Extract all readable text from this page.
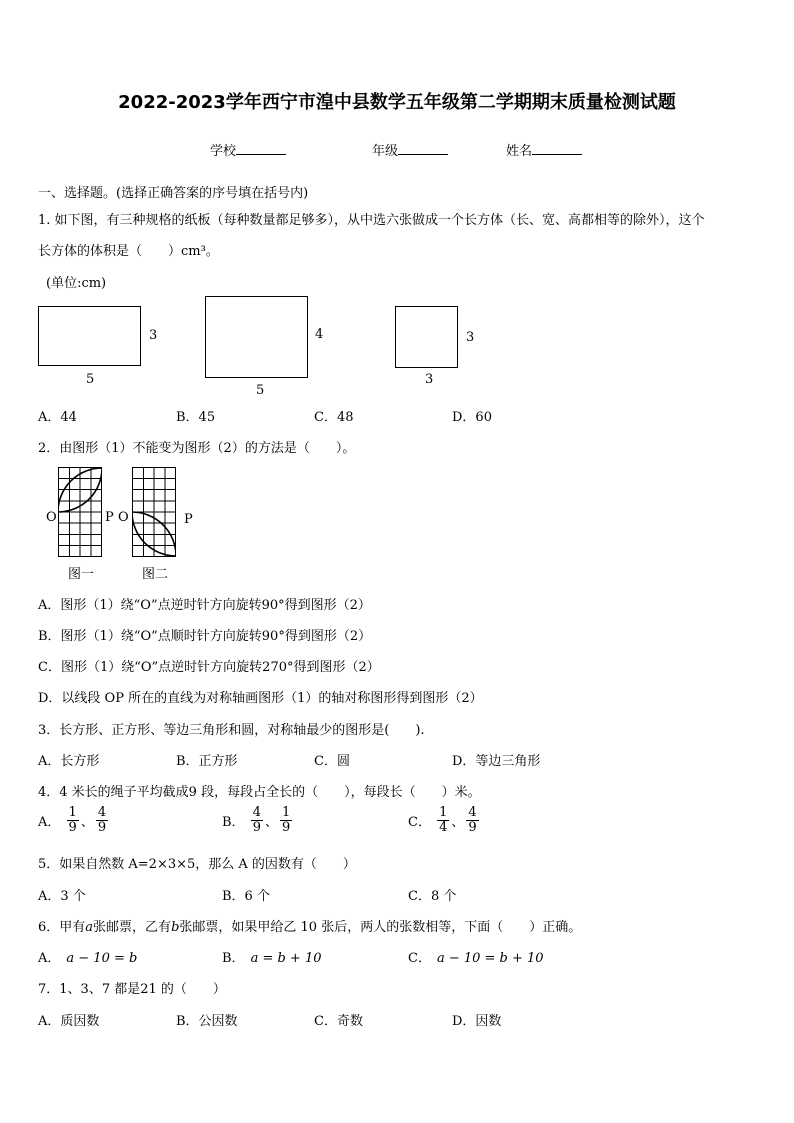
2022-2023学年西宁市湟中县数学五年级第二学期期末质量检测试题
学校	年级	姓名
一、选择题。(选择正确答案的序号填在括号内)
1. 如下图，有三种规格的纸板（每种数量都足够多），从中选六张做成一个长方体（长、宽、高都相等的除外），这个
长方体的体积是（　　）cm³。
(单位:cm)
3
5
4
5
3
3
A．44	B．45	C．48	D．60
2．由图形（1）不能变为图形（2）的方法是（　　）。
O	P O	P
图一	图二
A．图形（1）绕“O”点逆时针方向旋转90°得到图形（2）
B．图形（1）绕“O”点顺时针方向旋转90°得到图形（2）
C．图形（1）绕“O”点逆时针方向旋转270°得到图形（2）
D．以线段 OP 所在的直线为对称轴画图形（1）的轴对称图形得到图形（2）
3．长方形、正方形、等边三角形和圆，对称轴最少的图形是(　　).
A．长方形	B．正方形	C．圆	D．等边三角形
4．4 米长的绳子平均截成9 段，每段占全长的（　　），每段长（　　）米。
A． $\frac{1}{9}$ 、 $\frac{4}{9}$	B． $\frac{4}{9}$ 、 $\frac{1}{9}$	C． $\frac{1}{4}$ 、 $\frac{4}{9}$
5．如果自然数 A=2×3×5，那么 A 的因数有（　　）
A．3 个	B．6 个	C．8 个
6．甲有a张邮票，乙有b张邮票，如果甲给乙 10 张后，两人的张数相等，下面（　　）正确。
A． a − 10 = b	B． a = b + 10	C． a − 10 = b + 10
7．1、3、7 都是21 的（　　）
A．质因数	B．公因数	C．奇数	D．因数
